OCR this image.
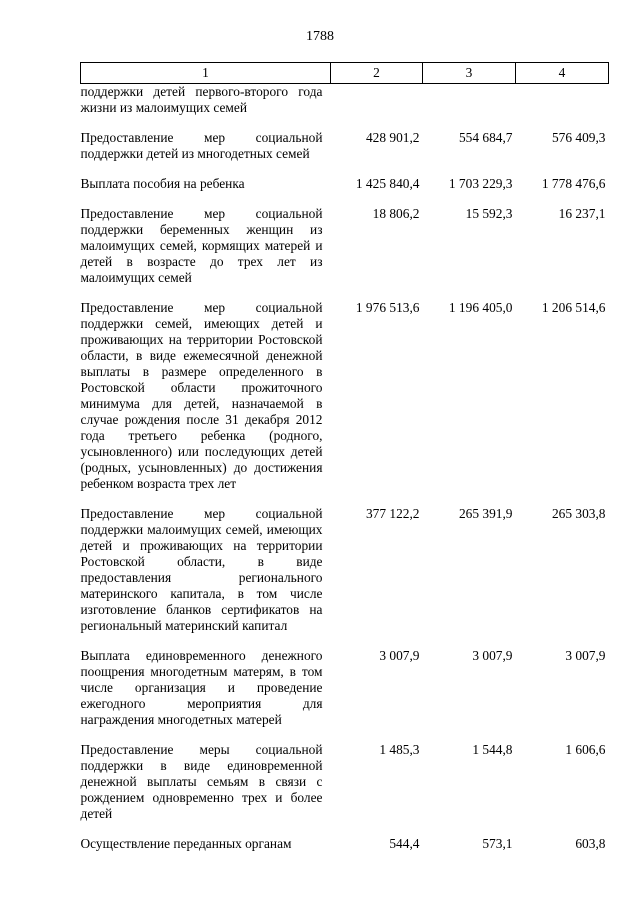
1788
1	2	3	4
поддержки детей первого-второго года жизни из малоимущих семей			
Предоставление мер социальной поддержки детей из многодетных семей	428 901,2	554 684,7	576 409,3
Выплата пособия на ребенка	1 425 840,4	1 703 229,3	1 778 476,6
Предоставление мер социальной поддержки беременных женщин из малоимущих семей, кормящих матерей и детей в возрасте до трех лет из малоимущих семей	18 806,2	15 592,3	16 237,1
Предоставление мер социальной поддержки семей, имеющих детей и проживающих на территории Ростовской области, в виде ежемесячной денежной выплаты в размере определенного в Ростовской области прожиточного минимума для детей, назначаемой в случае рождения после 31 декабря 2012 года третьего ребенка (родного, усыновленного) или последующих детей (родных, усыновленных) до достижения ребенком возраста трех лет	1 976 513,6	1 196 405,0	1 206 514,6
Предоставление мер социальной поддержки малоимущих семей, имеющих детей и проживающих на территории Ростовской области, в виде предоставления регионального материнского капитала, в том числе изготовление бланков сертификатов на региональный материнский капитал	377 122,2	265 391,9	265 303,8
Выплата единовременного денежного поощрения многодетным матерям, в том числе организация и проведение ежегодного мероприятия для награждения многодетных матерей	3 007,9	3 007,9	3 007,9
Предоставление меры социальной поддержки в виде единовременной денежной выплаты семьям в связи с рождением одновременно трех и более детей	1 485,3	1 544,8	1 606,6
Осуществление переданных органам	544,4	573,1	603,8
